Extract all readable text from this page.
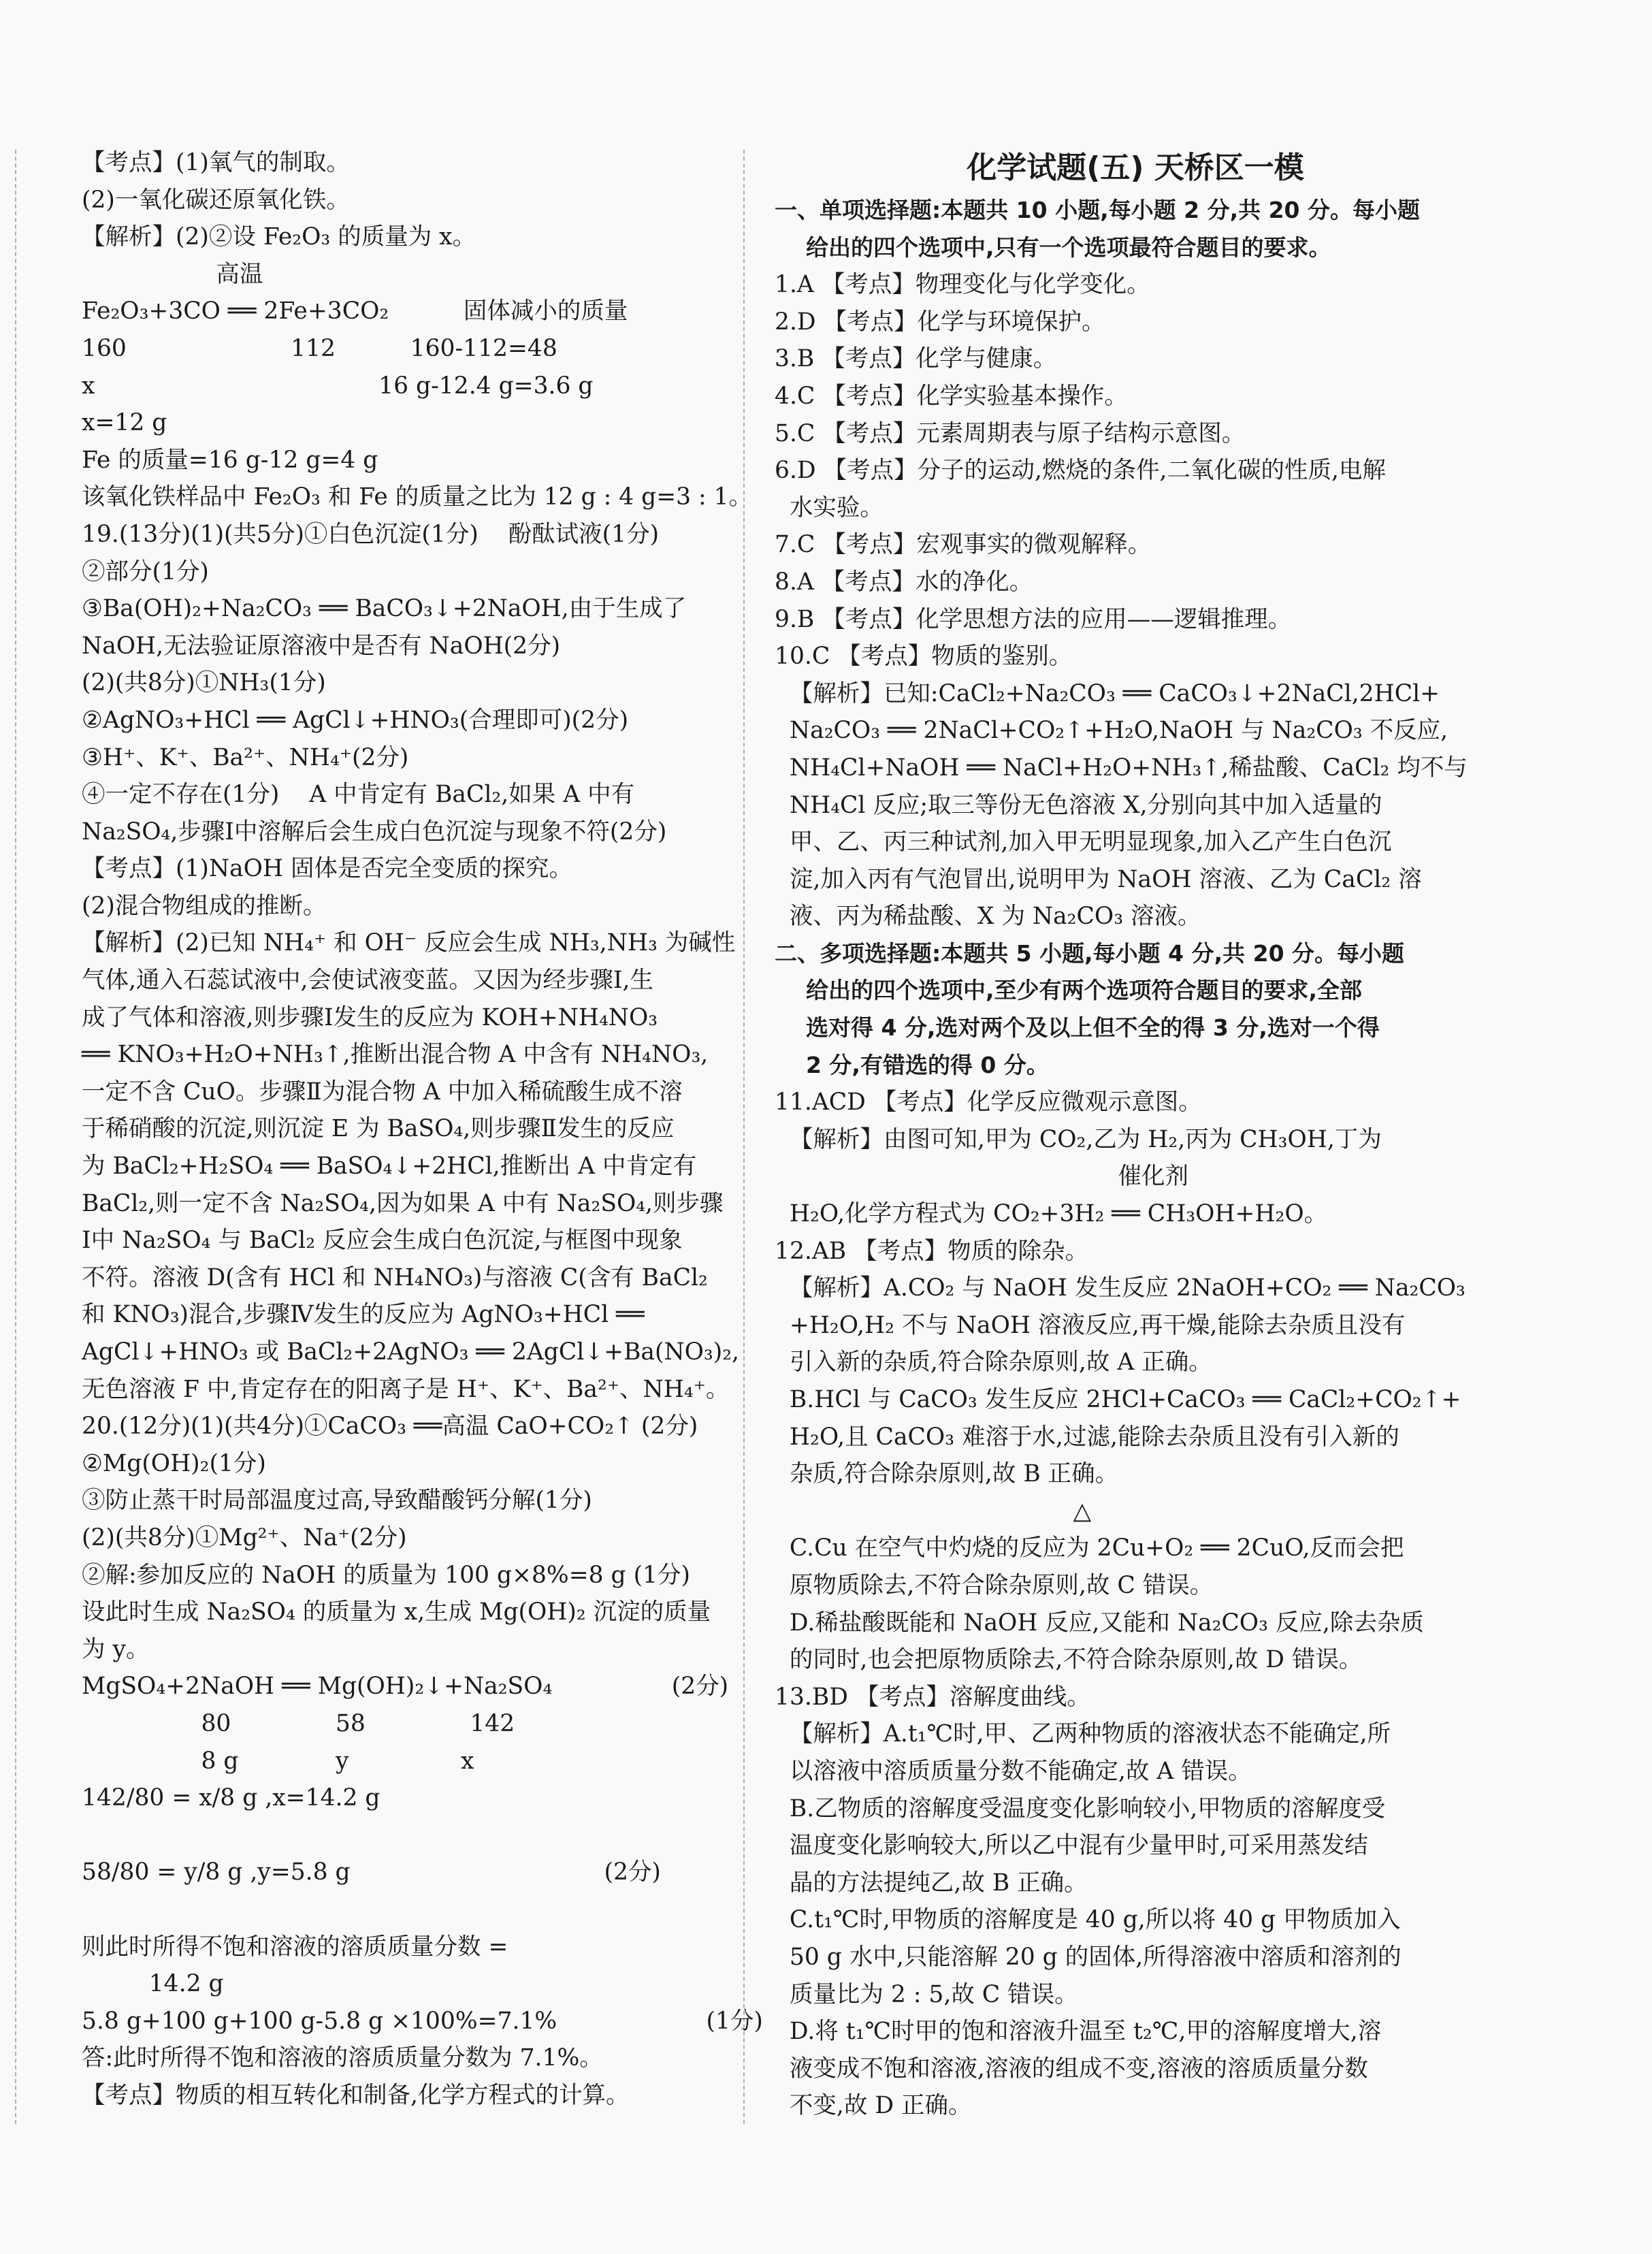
【考点】(1)氧气的制取。
(2)一氧化碳还原氧化铁。
【解析】(2)②设 Fe₂O₃ 的质量为 x。
高温
Fe₂O₃+3CO ══ 2Fe+3CO₂          固体减小的质量
160                      112          160-112=48
x                                      16 g-12.4 g=3.6 g
x=12 g
Fe 的质量=16 g-12 g=4 g
该氧化铁样品中 Fe₂O₃ 和 Fe 的质量之比为 12 g : 4 g=3 : 1。
19.(13分)(1)(共5分)①白色沉淀(1分)    酚酞试液(1分)
②部分(1分)
③Ba(OH)₂+Na₂CO₃ ══ BaCO₃↓+2NaOH,由于生成了
NaOH,无法验证原溶液中是否有 NaOH(2分)
(2)(共8分)①NH₃(1分)
②AgNO₃+HCl ══ AgCl↓+HNO₃(合理即可)(2分)
③H⁺、K⁺、Ba²⁺、NH₄⁺(2分)
④一定不存在(1分)    A 中肯定有 BaCl₂,如果 A 中有
Na₂SO₄,步骤Ⅰ中溶解后会生成白色沉淀与现象不符(2分)
【考点】(1)NaOH 固体是否完全变质的探究。
(2)混合物组成的推断。
【解析】(2)已知 NH₄⁺ 和 OH⁻ 反应会生成 NH₃,NH₃ 为碱性
气体,通入石蕊试液中,会使试液变蓝。又因为经步骤Ⅰ,生
成了气体和溶液,则步骤Ⅰ发生的反应为 KOH+NH₄NO₃
══ KNO₃+H₂O+NH₃↑,推断出混合物 A 中含有 NH₄NO₃,
一定不含 CuO。步骤Ⅱ为混合物 A 中加入稀硫酸生成不溶
于稀硝酸的沉淀,则沉淀 E 为 BaSO₄,则步骤Ⅱ发生的反应
为 BaCl₂+H₂SO₄ ══ BaSO₄↓+2HCl,推断出 A 中肯定有
BaCl₂,则一定不含 Na₂SO₄,因为如果 A 中有 Na₂SO₄,则步骤
Ⅰ中 Na₂SO₄ 与 BaCl₂ 反应会生成白色沉淀,与框图中现象
不符。溶液 D(含有 HCl 和 NH₄NO₃)与溶液 C(含有 BaCl₂
和 KNO₃)混合,步骤Ⅳ发生的反应为 AgNO₃+HCl ══
AgCl↓+HNO₃ 或 BaCl₂+2AgNO₃ ══ 2AgCl↓+Ba(NO₃)₂,
无色溶液 F 中,肯定存在的阳离子是 H⁺、K⁺、Ba²⁺、NH₄⁺。
20.(12分)(1)(共4分)①CaCO₃ ══高温 CaO+CO₂↑ (2分)
②Mg(OH)₂(1分)
③防止蒸干时局部温度过高,导致醋酸钙分解(1分)
(2)(共8分)①Mg²⁺、Na⁺(2分)
②解:参加反应的 NaOH 的质量为 100 g×8%=8 g (1分)
设此时生成 Na₂SO₄ 的质量为 x,生成 Mg(OH)₂ 沉淀的质量
为 y。
MgSO₄+2NaOH ══ Mg(OH)₂↓+Na₂SO₄                (2分)
80              58              142
8 g             y               x
142/80 = x/8 g ,x=14.2 g

58/80 = y/8 g ,y=5.8 g                                  (2分)

则此时所得不饱和溶液的溶质质量分数 =
14.2 g
5.8 g+100 g+100 g-5.8 g ×100%=7.1%                    (1分)
答:此时所得不饱和溶液的溶质质量分数为 7.1%。
【考点】物质的相互转化和制备,化学方程式的计算。
化学试题(五) 天桥区一模
一、单项选择题:本题共 10 小题,每小题 2 分,共 20 分。每小题
给出的四个选项中,只有一个选项最符合题目的要求。
1.A 【考点】物理变化与化学变化。
2.D 【考点】化学与环境保护。
3.B 【考点】化学与健康。
4.C 【考点】化学实验基本操作。
5.C 【考点】元素周期表与原子结构示意图。
6.D 【考点】分子的运动,燃烧的条件,二氧化碳的性质,电解
水实验。
7.C 【考点】宏观事实的微观解释。
8.A 【考点】水的净化。
9.B 【考点】化学思想方法的应用——逻辑推理。
10.C 【考点】物质的鉴别。
【解析】已知:CaCl₂+Na₂CO₃ ══ CaCO₃↓+2NaCl,2HCl+
Na₂CO₃ ══ 2NaCl+CO₂↑+H₂O,NaOH 与 Na₂CO₃ 不反应,
NH₄Cl+NaOH ══ NaCl+H₂O+NH₃↑,稀盐酸、CaCl₂ 均不与
NH₄Cl 反应;取三等份无色溶液 X,分别向其中加入适量的
甲、乙、丙三种试剂,加入甲无明显现象,加入乙产生白色沉
淀,加入丙有气泡冒出,说明甲为 NaOH 溶液、乙为 CaCl₂ 溶
液、丙为稀盐酸、X 为 Na₂CO₃ 溶液。
二、多项选择题:本题共 5 小题,每小题 4 分,共 20 分。每小题
给出的四个选项中,至少有两个选项符合题目的要求,全部
选对得 4 分,选对两个及以上但不全的得 3 分,选对一个得
2 分,有错选的得 0 分。
11.ACD 【考点】化学反应微观示意图。
【解析】由图可知,甲为 CO₂,乙为 H₂,丙为 CH₃OH,丁为
催化剂
H₂O,化学方程式为 CO₂+3H₂ ══ CH₃OH+H₂O。
12.AB 【考点】物质的除杂。
【解析】A.CO₂ 与 NaOH 发生反应 2NaOH+CO₂ ══ Na₂CO₃
+H₂O,H₂ 不与 NaOH 溶液反应,再干燥,能除去杂质且没有
引入新的杂质,符合除杂原则,故 A 正确。
B.HCl 与 CaCO₃ 发生反应 2HCl+CaCO₃ ══ CaCl₂+CO₂↑+
H₂O,且 CaCO₃ 难溶于水,过滤,能除去杂质且没有引入新的
杂质,符合除杂原则,故 B 正确。
△
C.Cu 在空气中灼烧的反应为 2Cu+O₂ ══ 2CuO,反而会把
原物质除去,不符合除杂原则,故 C 错误。
D.稀盐酸既能和 NaOH 反应,又能和 Na₂CO₃ 反应,除去杂质
的同时,也会把原物质除去,不符合除杂原则,故 D 错误。
13.BD 【考点】溶解度曲线。
【解析】A.t₁℃时,甲、乙两种物质的溶液状态不能确定,所
以溶液中溶质质量分数不能确定,故 A 错误。
B.乙物质的溶解度受温度变化影响较小,甲物质的溶解度受
温度变化影响较大,所以乙中混有少量甲时,可采用蒸发结
晶的方法提纯乙,故 B 正确。
C.t₁℃时,甲物质的溶解度是 40 g,所以将 40 g 甲物质加入
50 g 水中,只能溶解 20 g 的固体,所得溶液中溶质和溶剂的
质量比为 2 : 5,故 C 错误。
D.将 t₁℃时甲的饱和溶液升温至 t₂℃,甲的溶解度增大,溶
液变成不饱和溶液,溶液的组成不变,溶液的溶质质量分数
不变,故 D 正确。
